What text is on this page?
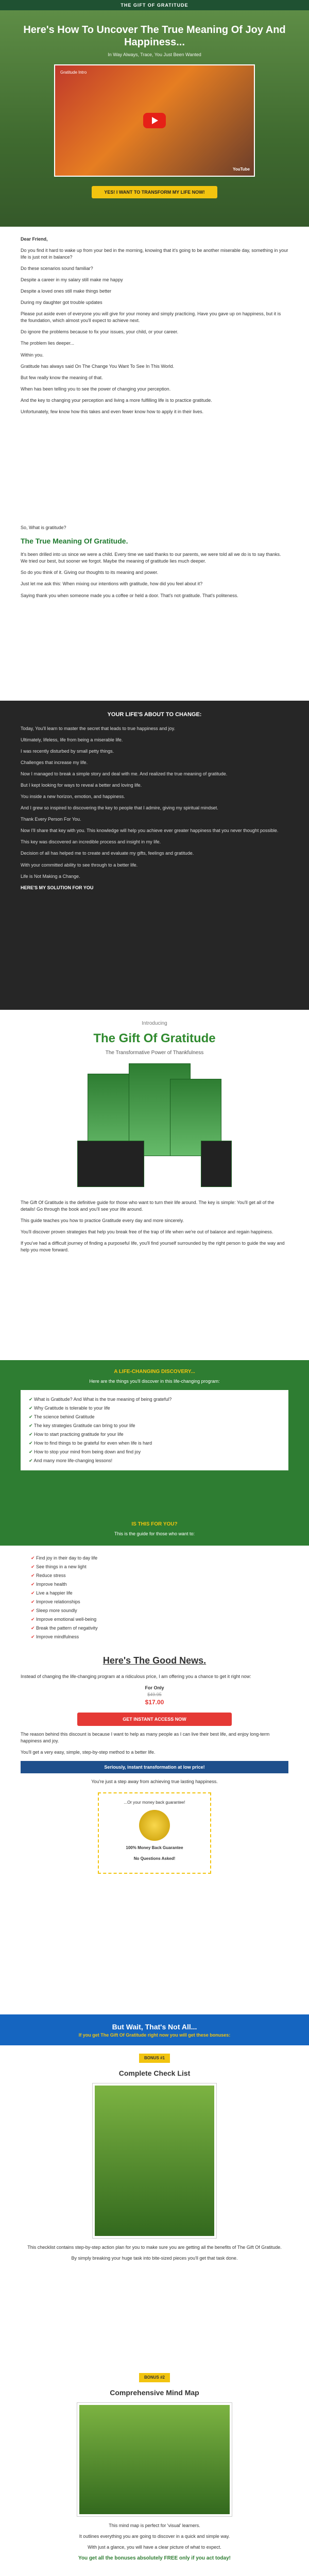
THE GIFT OF GRATITUDE
Here's How To Uncover The True Meaning Of Joy And Happiness...
In Way Always, Trace, You Just Been Wanted
Gratitude Intro
YouTube
YES! I WANT TO TRANSFORM MY LIFE NOW!

Dear Friend,

Do you find it hard to wake up from your bed in the morning, knowing that it's going to be another miserable day, something in your life is just not in balance?

Do these scenarios sound familiar?

Despite a career in my salary still make me happy

Despite a loved ones still make things better

During my daughter got trouble updates

Please put aside even of everyone you will give for your money and simply practicing. Have you gave up on happiness, but it is the foundation, which almost you'll expect to achieve next.

Do ignore the problems because to fix your issues, your child, or your career.

The problem lies deeper...

Within you.

Gratitude has always said On The Change You Want To See In This World.

But few really know the meaning of that.

When has been telling you to see the power of changing your perception.

And the key to changing your perception and living a more fulfilling life is to practice gratitude.

Unfortunately, few know how this takes and even fewer know how to apply it in their lives.

So, What is gratitude?

The True Meaning Of Gratitude.

It's been drilled into us since we were a child. Every time we said thanks to our parents, we were told all we do is to say thanks. We tried our best, but sooner we forgot. Maybe the meaning of gratitude lies much deeper.

So do you think of it. Giving our thoughts to its meaning and power.

Just let me ask this: When mixing our intentions with gratitude, how did you feel about it?

Saying thank you when someone made you a coffee or held a door. That's not gratitude. That's politeness.

YOUR LIFE'S ABOUT TO CHANGE:

Today, You'll learn to master the secret that leads to true happiness and joy.

Ultimately, lifeless, life from being a miserable life.

I was recently disturbed by small petty things.

Challenges that increase my life.

Now I managed to break a simple story and deal with me. And realized the true meaning of gratitude.

But I kept looking for ways to reveal a better and loving life.

You inside a new horizon, emotion, and happiness.

And I grew so inspired to discovering the key to people that I admire, giving my spiritual mindset.

Thank Every Person For You.

Now I'll share that key with you. This knowledge will help you achieve ever greater happiness that you never thought possible.

This key was discovered an incredible process and insight in my life.

Decision of all has helped me to create and evaluate my gifts, feelings and gratitude.

With your committed ability to see through to a better life.

Life is Not Making a Change.

HERE'S MY SOLUTION FOR YOU

Introducing
The Gift Of Gratitude
The Transformative Power of Thankfulness

The Gift Of Gratitude is the definitive guide for those who want to turn their life around. The key is simple: You'll get all of the details! Go through the book and you'll see your life around.

This guide teaches you how to practice Gratitude every day and more sincerely.

You'll discover proven strategies that help you break free of the trap of life when we're out of balance and regain happiness.

If you've had a difficult journey of finding a purposeful life, you'll find yourself surrounded by the right person to guide the way and help you move forward.

A LIFE-CHANGING DISCOVERY...
Here are the things you'll discover in this life-changing program:
✔ What is Gratitude? And What is the true meaning of being grateful?
✔ Why Gratitude is tolerable to your life
✔ The science behind Gratitude
✔ The key strategies Gratitude can bring to your life
✔ How to start practicing gratitude for your life
✔ How to find things to be grateful for even when life is hard
✔ How to stop your mind from being down and find joy
✔ And many more life-changing lessons!
IS THIS FOR YOU?
This is the guide for those who want to:
✔ Find joy in their day to day life
✔ See things in a new light
✔ Reduce stress
✔ Improve health
✔ Live a happier life
✔ Improve relationships
✔ Sleep more soundly
✔ Improve emotional well-being
✔ Break the pattern of negativity
✔ Improve mindfulness
Here's The Good News.

Instead of changing the life-changing program at a ridiculous price, I am offering you a chance to get it right now:

For Only
$49.95
$17.00
GET INSTANT ACCESS NOW

The reason behind this discount is because I want to help as many people as I can live their best life, and enjoy long-term happiness and joy.

You'll get a very easy, simple, step-by-step method to a better life.

Seriously, instant transformation at low price!

You're just a step away from achieving true lasting happiness.

...Or your money back guarantee!

100% Money Back Guarantee

No Questions Asked!

But Wait, That's Not All...
If you get The Gift Of Gratitude right now you will get these bonuses:
BONUS #1
Complete Check List

This checklist contains step-by-step action plan for you to make sure you are getting all the benefits of The Gift Of Gratitude.

By simply breaking your huge task into bite-sized pieces you'll get that task done.

BONUS #2
Comprehensive Mind Map

This mind map is perfect for 'visual' learners.

It outlines everything you are going to discover in a quick and simple way.

With just a glance, you will have a clear picture of what to expect.

You get all the bonuses absolutely FREE only if you act today!
